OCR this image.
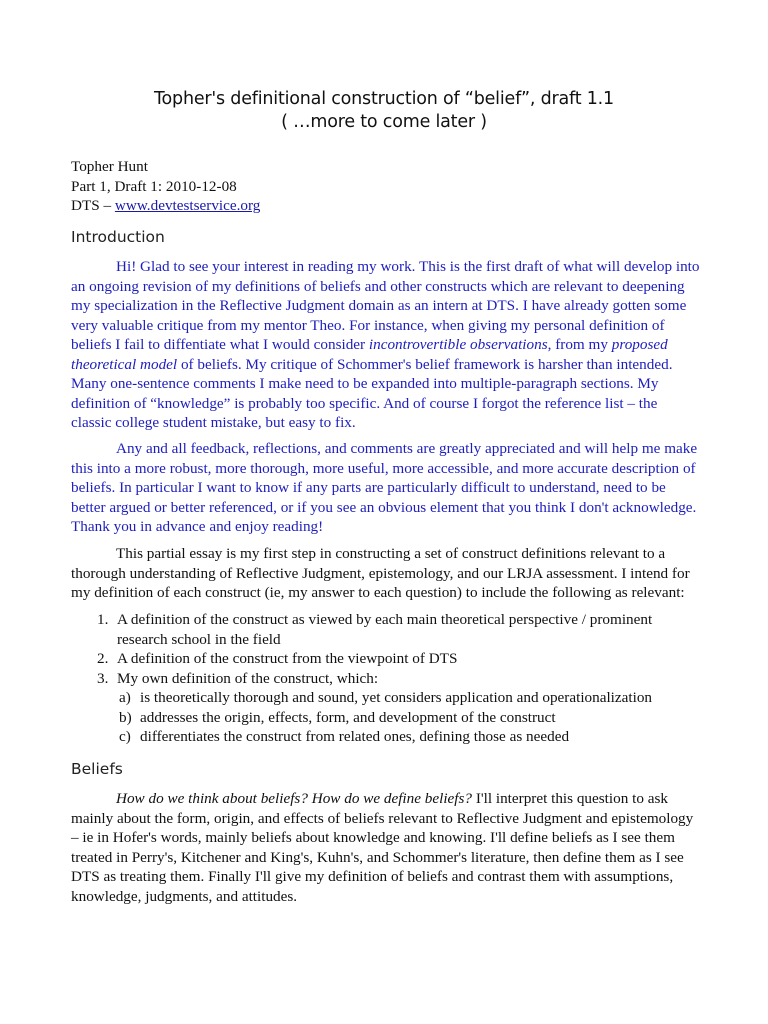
Topher's definitional construction of “belief”, draft 1.1
( …more to come later )
Topher Hunt
Part 1, Draft 1: 2010-12-08
DTS – www.devtestservice.org
Introduction
Hi! Glad to see your interest in reading my work. This is the first draft of what will develop into
an ongoing revision of my definitions of beliefs and other constructs which are relevant to deepening
my specialization in the Reflective Judgment domain as an intern at DTS. I have already gotten some
very valuable critique from my mentor Theo. For instance, when giving my personal definition of
beliefs I fail to diffentiate what I would consider incontrovertible observations, from my proposed
theoretical model of beliefs. My critique of Schommer's belief framework is harsher than intended.
Many one-sentence comments I make need to be expanded into multiple-paragraph sections. My
definition of “knowledge” is probably too specific. And of course I forgot the reference list – the
classic college student mistake, but easy to fix.
Any and all feedback, reflections, and comments are greatly appreciated and will help me make
this into a more robust, more thorough, more useful, more accessible, and more accurate description of
beliefs. In particular I want to know if any parts are particularly difficult to understand, need to be
better argued or better referenced, or if you see an obvious element that you think I don't acknowledge.
Thank you in advance and enjoy reading!
This partial essay is my first step in constructing a set of construct definitions relevant to a
thorough understanding of Reflective Judgment, epistemology, and our LRJA assessment. I intend for
my definition of each construct (ie, my answer to each question) to include the following as relevant:
1. A definition of the construct as viewed by each main theoretical perspective / prominent
research school in the field
2. A definition of the construct from the viewpoint of DTS
3. My own definition of the construct, which:
a) is theoretically thorough and sound, yet considers application and operationalization
b) addresses the origin, effects, form, and development of the construct
c) differentiates the construct from related ones, defining those as needed
Beliefs
How do we think about beliefs? How do we define beliefs? I'll interpret this question to ask
mainly about the form, origin, and effects of beliefs relevant to Reflective Judgment and epistemology
– ie in Hofer's words, mainly beliefs about knowledge and knowing. I'll define beliefs as I see them
treated in Perry's, Kitchener and King's, Kuhn's, and Schommer's literature, then define them as I see
DTS as treating them. Finally I'll give my definition of beliefs and contrast them with assumptions,
knowledge, judgments, and attitudes.
